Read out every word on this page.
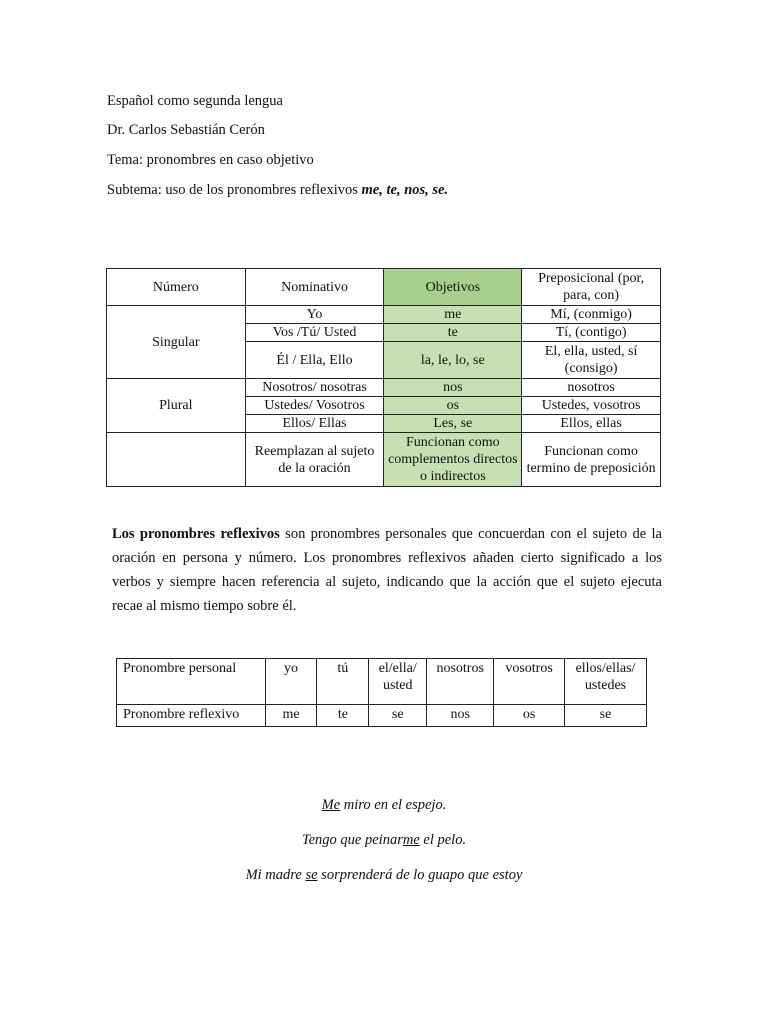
Español como segunda lengua
Dr. Carlos Sebastián Cerón
Tema: pronombres en caso objetivo
Subtema: uso de los pronombres reflexivos me, te, nos, se.
Número	Nominativo	Objetivos	Preposicional (por, para, con)
Singular	Yo	me	Mí, (conmigo)
	Vos /Tú/ Usted	te	Tí, (contigo)
	Él / Ella, Ello	la, le, lo, se	El, ella, usted, sí (consigo)
Plural	Nosotros/ nosotras	nos	nosotros
	Ustedes/ Vosotros	os	Ustedes, vosotros
	Ellos/ Ellas	Les, se	Ellos, ellas
	Reemplazan al sujeto de la oración	Funcionan como complementos directos o indirectos	Funcionan como termino de preposición
Los pronombres reflexivos son pronombres personales que concuerdan con el sujeto de la oración en persona y número. Los pronombres reflexivos añaden cierto significado a los verbos y siempre hacen referencia al sujeto, indicando que la acción que el sujeto ejecuta recae al mismo tiempo sobre él.
Pronombre personal	yo	tú	el/ella/ usted	nosotros	vosotros	ellos/ellas/ ustedes
Pronombre reflexivo	me	te	se	nos	os	se
Me miro en el espejo.
Tengo que peinarme el pelo.
Mi madre se sorprenderá de lo guapo que estoy
